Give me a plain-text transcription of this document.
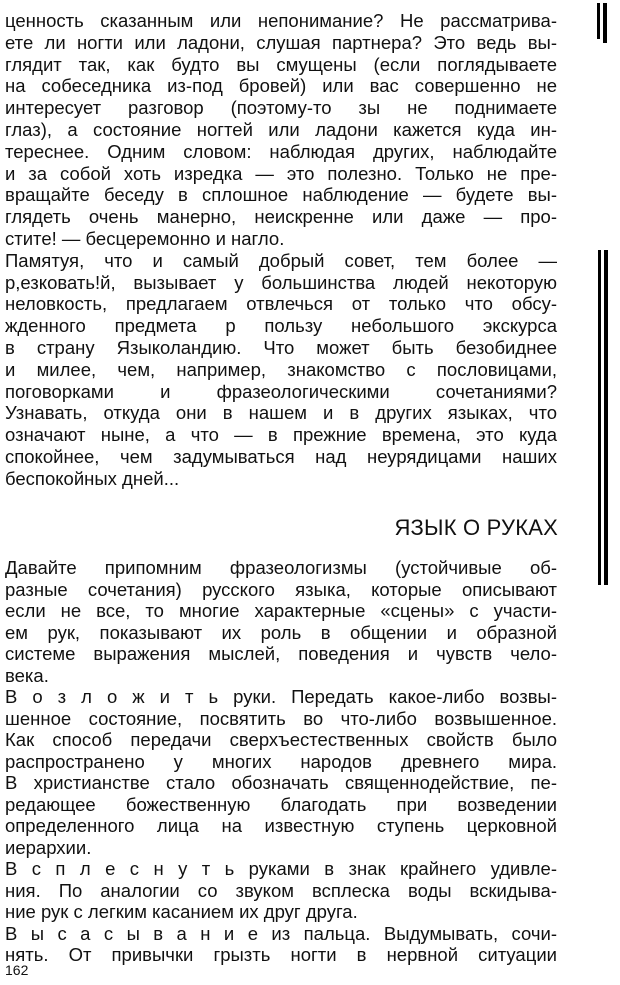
ценность сказанным или непонимание? Не рассматрива-
ете ли ногти или ладони, слушая партнера? Это ведь вы-
глядит так, как будто вы смущены (если поглядываете
на собеседника из-под бровей) или вас совершенно не
интересует разговор (поэтому-то зы не поднимаете
глаз), а состояние ногтей или ладони кажется куда ин-
тереснее. Одним словом: наблюдая других, наблюдайте
и за собой хоть изредка — это полезно. Только не пре-
вращайте беседу в сплошное наблюдение — будете вы-
глядеть очень манерно, неискренне или даже — про-
стите! — бесцеремонно и нагло.
Памятуя, что и самый добрый совет, тем более —
р,езковать!й, вызывает у большинства людей некоторую
неловкость, предлагаем отвлечься от только что обсу-
жденного предмета р пользу небольшого экскурса
в страну Языколандию. Что может быть безобиднее
и милее, чем, например, знакомство с пословицами,
поговорками и фразеологическими сочетаниями?
Узнавать, откуда они в нашем и в других языках, что
означают ныне, а что — в прежние времена, это куда
спокойнее, чем задумываться над неурядицами наших
беспокойных дней...
ЯЗЫК О РУКАХ
Давайте припомним фразеологизмы (устойчивые об-
разные сочетания) русского языка, которые описывают
если не все, то многие характерные «сцены» с участи-
ем рук, показывают их роль в общении и образной
системе выражения мыслей, поведения и чувств чело-
века.
В о з л о ж и т ь руки. Передать какое-либо возвы-
шенное состояние, посвятить во что-либо возвышенное.
Как способ передачи сверхъестественных свойств было
распространено у многих народов древнего мира.
В христианстве стало обозначать священнодействие, пе-
редающее божественную благодать при возведении
определенного лица на известную ступень церковной
иерархии.
В с п л е с н у т ь руками в знак крайнего удивле-
ния. По аналогии со звуком всплеска воды вскидыва-
ние рук с легким касанием их друг друга.
В ы с а с ы в а н и е из пальца. Выдумывать, сочи-
нять. От привычки грызть ногти в нервной ситуации
162
